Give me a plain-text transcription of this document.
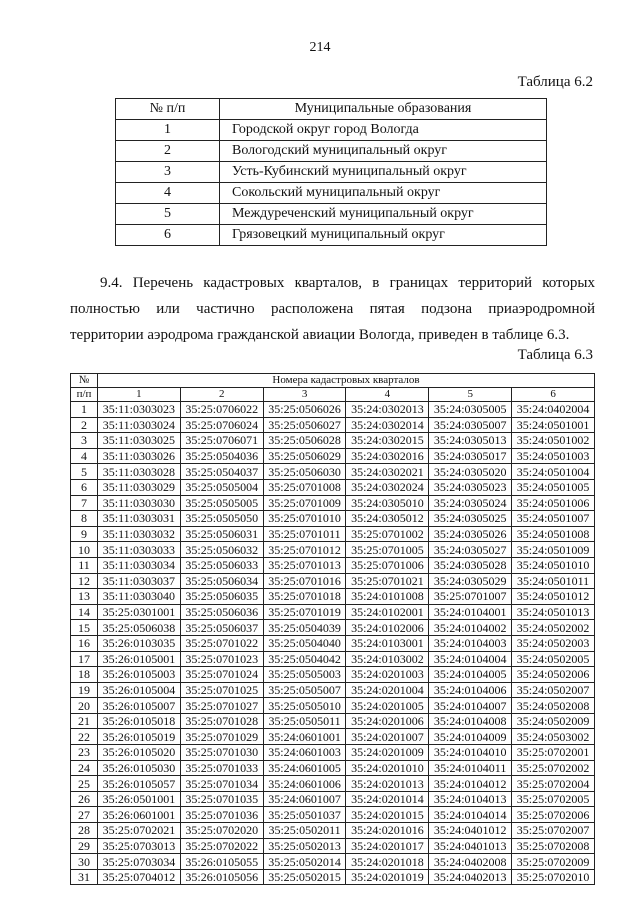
214
Таблица 6.2
№ п/п	Муниципальные образования
1	Городской округ город Вологда
2	Вологодский муниципальный округ
3	Усть-Кубинский муниципальный округ
4	Сокольский муниципальный округ
5	Междуреченский муниципальный округ
6	Грязовецкий муниципальный округ

9.4. Перечень кадастровых кварталов, в границах территорий которых полностью или частично расположена пятая подзона приаэродромной территории аэродрома гражданской авиации Вологда, приведен в таблице 6.3.

Таблица 6.3
№	Номера кадастровых кварталов					
п/п	1	2	3	4	5	6
1	35:11:0303023	35:25:0706022	35:25:0506026	35:24:0302013	35:24:0305005	35:24:0402004
2	35:11:0303024	35:25:0706024	35:25:0506027	35:24:0302014	35:24:0305007	35:24:0501001
3	35:11:0303025	35:25:0706071	35:25:0506028	35:24:0302015	35:24:0305013	35:24:0501002
4	35:11:0303026	35:25:0504036	35:25:0506029	35:24:0302016	35:24:0305017	35:24:0501003
5	35:11:0303028	35:25:0504037	35:25:0506030	35:24:0302021	35:24:0305020	35:24:0501004
6	35:11:0303029	35:25:0505004	35:25:0701008	35:24:0302024	35:24:0305023	35:24:0501005
7	35:11:0303030	35:25:0505005	35:25:0701009	35:24:0305010	35:24:0305024	35:24:0501006
8	35:11:0303031	35:25:0505050	35:25:0701010	35:24:0305012	35:24:0305025	35:24:0501007
9	35:11:0303032	35:25:0506031	35:25:0701011	35:25:0701002	35:24:0305026	35:24:0501008
10	35:11:0303033	35:25:0506032	35:25:0701012	35:25:0701005	35:24:0305027	35:24:0501009
11	35:11:0303034	35:25:0506033	35:25:0701013	35:25:0701006	35:24:0305028	35:24:0501010
12	35:11:0303037	35:25:0506034	35:25:0701016	35:25:0701021	35:24:0305029	35:24:0501011
13	35:11:0303040	35:25:0506035	35:25:0701018	35:24:0101008	35:25:0701007	35:24:0501012
14	35:25:0301001	35:25:0506036	35:25:0701019	35:24:0102001	35:24:0104001	35:24:0501013
15	35:25:0506038	35:25:0506037	35:25:0504039	35:24:0102006	35:24:0104002	35:24:0502002
16	35:26:0103035	35:25:0701022	35:25:0504040	35:24:0103001	35:24:0104003	35:24:0502003
17	35:26:0105001	35:25:0701023	35:25:0504042	35:24:0103002	35:24:0104004	35:24:0502005
18	35:26:0105003	35:25:0701024	35:25:0505003	35:24:0201003	35:24:0104005	35:24:0502006
19	35:26:0105004	35:25:0701025	35:25:0505007	35:24:0201004	35:24:0104006	35:24:0502007
20	35:26:0105007	35:25:0701027	35:25:0505010	35:24:0201005	35:24:0104007	35:24:0502008
21	35:26:0105018	35:25:0701028	35:25:0505011	35:24:0201006	35:24:0104008	35:24:0502009
22	35:26:0105019	35:25:0701029	35:24:0601001	35:24:0201007	35:24:0104009	35:24:0503002
23	35:26:0105020	35:25:0701030	35:24:0601003	35:24:0201009	35:24:0104010	35:25:0702001
24	35:26:0105030	35:25:0701033	35:24:0601005	35:24:0201010	35:24:0104011	35:25:0702002
25	35:26:0105057	35:25:0701034	35:24:0601006	35:24:0201013	35:24:0104012	35:25:0702004
26	35:26:0501001	35:25:0701035	35:24:0601007	35:24:0201014	35:24:0104013	35:25:0702005
27	35:26:0601001	35:25:0701036	35:25:0501037	35:24:0201015	35:24:0104014	35:25:0702006
28	35:25:0702021	35:25:0702020	35:25:0502011	35:24:0201016	35:24:0401012	35:25:0702007
29	35:25:0703013	35:25:0702022	35:25:0502013	35:24:0201017	35:24:0401013	35:25:0702008
30	35:25:0703034	35:26:0105055	35:25:0502014	35:24:0201018	35:24:0402008	35:25:0702009
31	35:25:0704012	35:26:0105056	35:25:0502015	35:24:0201019	35:24:0402013	35:25:0702010
